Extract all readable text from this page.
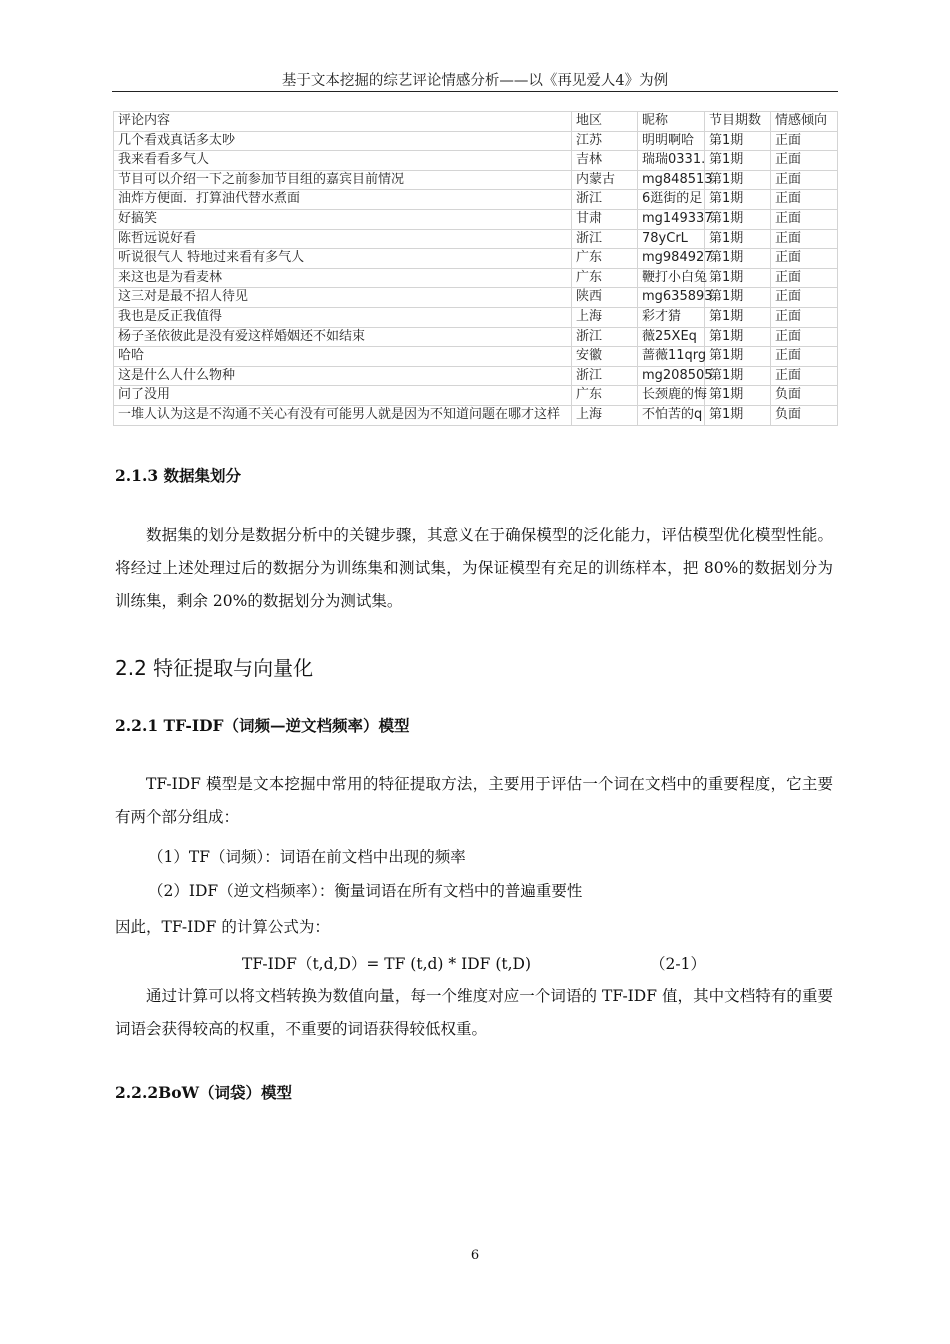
基于文本挖掘的综艺评论情感分析——以《再见爱人4》为例
评论内容	地区	昵称	节目期数	情感倾向
几个看戏真话多太吵	江苏	明明啊哈	第1期	正面
我来看看多气人	吉林	瑞瑞0331.	第1期	正面
节目可以介绍一下之前参加节目组的嘉宾目前情况	内蒙古	mg848513	第1期	正面
油炸方便面．打算油代替水煮面	浙江	6逛街的足	第1期	正面
好搞笑	甘肃	mg149337	第1期	正面
陈哲远说好看	浙江	78yCrL	第1期	正面
听说很气人 特地过来看有多气人	广东	mg984927	第1期	正面
来这也是为看麦林	广东	鞭打小白兔	第1期	正面
这三对是最不招人待见	陕西	mg635893	第1期	正面
我也是反正我值得	上海	彩才猜	第1期	正面
杨子圣依彼此是没有爱这样婚姻还不如结束	浙江	薇25XEq	第1期	正面
哈哈	安徽	蔷薇11qrg	第1期	正面
这是什么人什么物种	浙江	mg208505	第1期	正面
问了没用	广东	长颈鹿的悔	第1期	负面
一堆人认为这是不沟通不关心有没有可能男人就是因为不知道问题在哪才这样	上海	不怕苦的q	第1期	负面
2.1.3 数据集划分

数据集的划分是数据分析中的关键步骤，其意义在于确保模型的泛化能力，评估模型优化模型性能。将经过上述处理过后的数据分为训练集和测试集，为保证模型有充足的训练样本，把 80%的数据划分为训练集，剩余 20%的数据划分为测试集。

2.2 特征提取与向量化
2.2.1 TF-IDF（词频—逆文档频率）模型

TF-IDF 模型是文本挖掘中常用的特征提取方法，主要用于评估一个词在文档中的重要程度，它主要有两个部分组成：

（1）TF（词频）：词语在前文档中出现的频率
（2）IDF（逆文档频率）：衡量词语在所有文档中的普遍重要性
因此，TF-IDF 的计算公式为：
TF-IDF（t,d,D）= TF (t,d) * IDF (t,D)	（2-1）

通过计算可以将文档转换为数值向量，每一个维度对应一个词语的 TF-IDF 值，其中文档特有的重要词语会获得较高的权重，不重要的词语获得较低权重。

2.2.2BoW（词袋）模型
6
